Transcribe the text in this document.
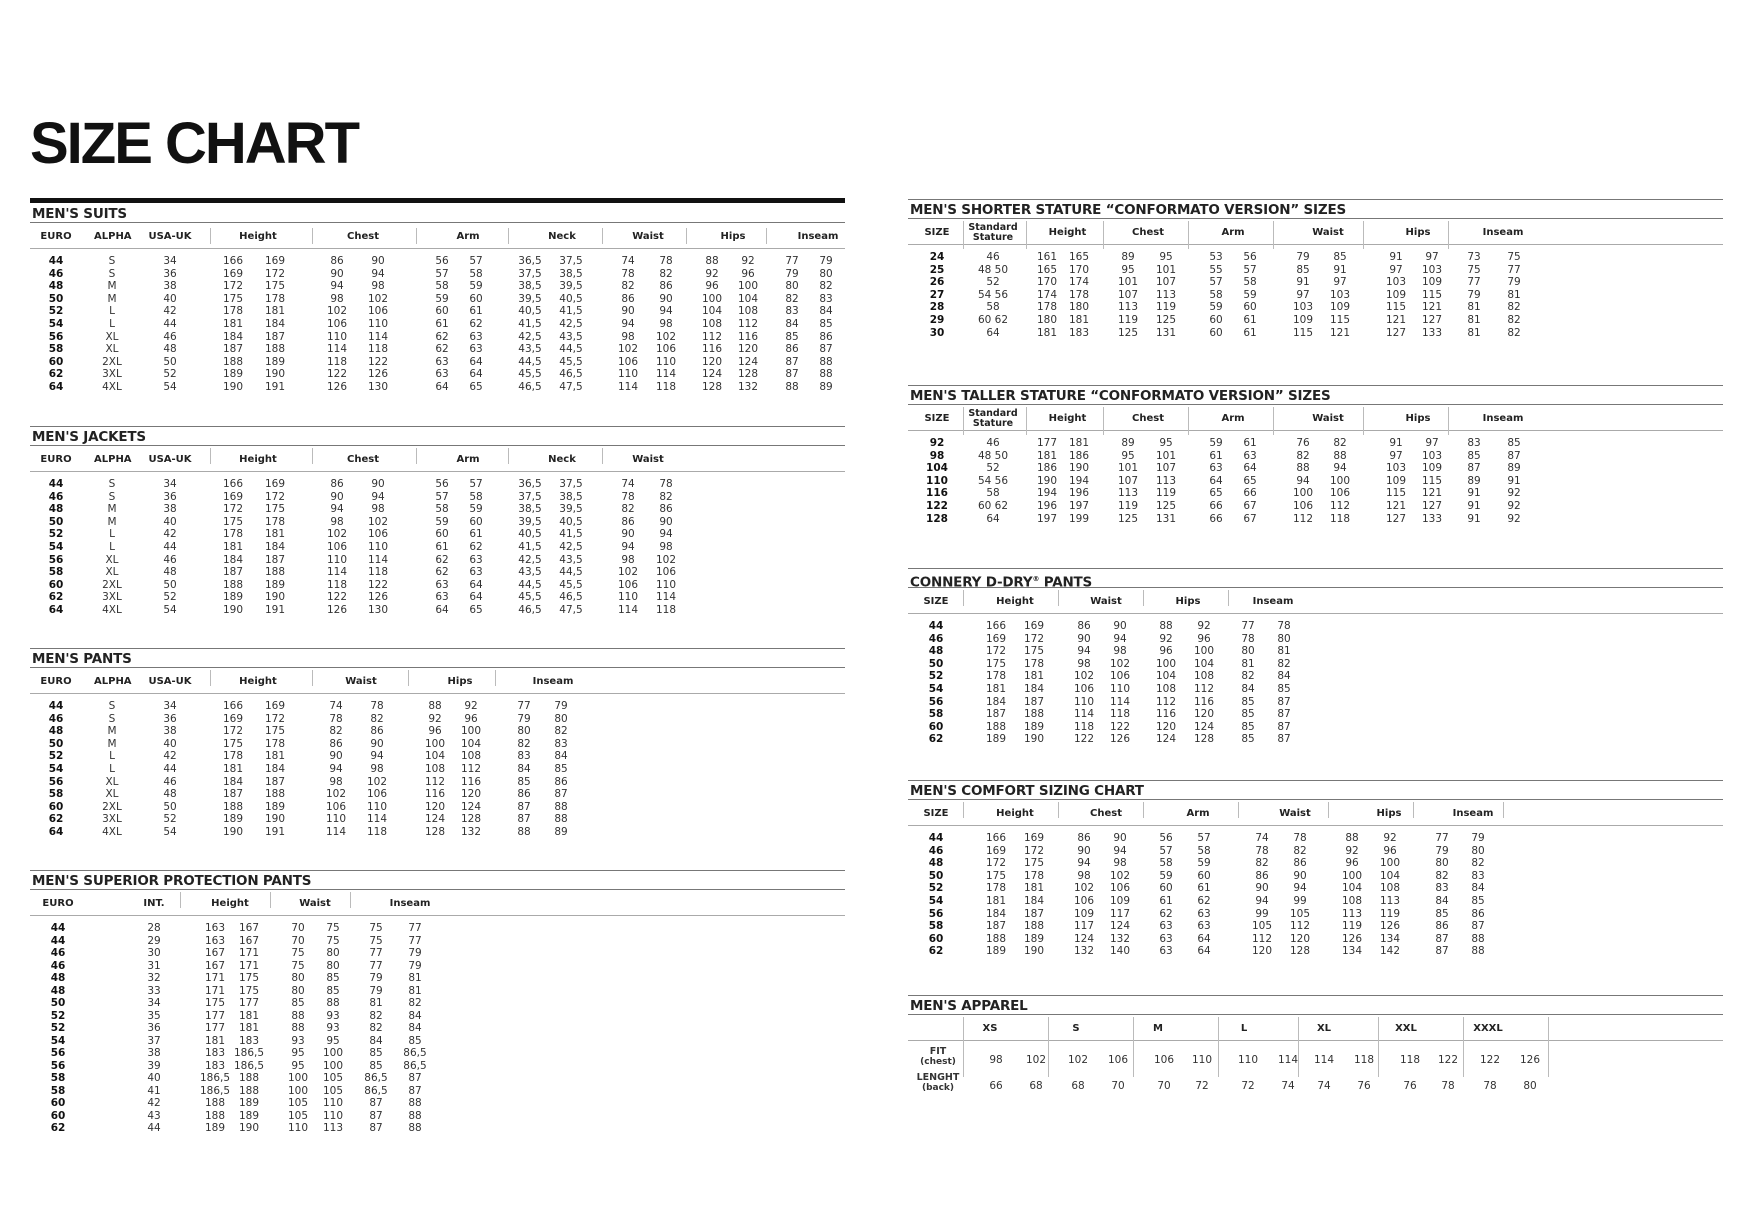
SIZE CHART
MEN'S SUITS
EURO ALPHA	USA-UK	Height	Chest	Arm	Neck	Waist	Hips	Inseam
44	S	34	166	169	86	90	56	57	36,5	37,5	74	78	88	92	77	79
46	S	36	169	172	90	94	57	58	37,5	38,5	78	82	92	96	79	80
48	M	38	172	175	94	98	58	59	38,5	39,5	82	86	96	100	80	82
50	M	40	175	178	98	102	59	60	39,5	40,5	86	90	100	104	82	83
52	L	42	178	181	102	106	60	61	40,5	41,5	90	94	104	108	83	84
54	L	44	181	184	106	110	61	62	41,5	42,5	94	98	108	112	84	85
56	XL	46	184	187	110	114	62	63	42,5	43,5	98	102	112	116	85	86
58	XL	48	187	188	114	118	62	63	43,5	44,5	102	106	116	120	86	87
60	2XL	50	188	189	118	122	63	64	44,5	45,5	106	110	120	124	87	88
62	3XL	52	189	190	122	126	63	64	45,5	46,5	110	114	124	128	87	88
64	4XL	54	190	191	126	130	64	65	46,5	47,5	114	118	128	132	88	89
MEN'S JACKETS
EURO ALPHA	USA-UK	Height	Chest	Arm	Neck	Waist
44	S	34	166	169	86	90	56	57	36,5	37,5	74	78
46	S	36	169	172	90	94	57	58	37,5	38,5	78	82
48	M	38	172	175	94	98	58	59	38,5	39,5	82	86
50	M	40	175	178	98	102	59	60	39,5	40,5	86	90
52	L	42	178	181	102	106	60	61	40,5	41,5	90	94
54	L	44	181	184	106	110	61	62	41,5	42,5	94	98
56	XL	46	184	187	110	114	62	63	42,5	43,5	98	102
58	XL	48	187	188	114	118	62	63	43,5	44,5	102	106
60	2XL	50	188	189	118	122	63	64	44,5	45,5	106	110
62	3XL	52	189	190	122	126	63	64	45,5	46,5	110	114
64	4XL	54	190	191	126	130	64	65	46,5	47,5	114	118
MEN'S PANTS
EURO ALPHA	USA-UK	Height	Waist	Hips	Inseam
44	S	34	166	169	74	78	88	92	77	79
46	S	36	169	172	78	82	92	96	79	80
48	M	38	172	175	82	86	96	100	80	82
50	M	40	175	178	86	90	100	104	82	83
52	L	42	178	181	90	94	104	108	83	84
54	L	44	181	184	94	98	108	112	84	85
56	XL	46	184	187	98	102	112	116	85	86
58	XL	48	187	188	102	106	116	120	86	87
60	2XL	50	188	189	106	110	120	124	87	88
62	3XL	52	189	190	110	114	124	128	87	88
64	4XL	54	190	191	114	118	128	132	88	89
MEN'S SUPERIOR PROTECTION PANTS
EURO	INT.	Height	Waist	Inseam
44	28	163	167	70	75	75	77
44	29	163	167	70	75	75	77
46	30	167	171	75	80	77	79
46	31	167	171	75	80	77	79
48	32	171	175	80	85	79	81
48	33	171	175	80	85	79	81
50	34	175	177	85	88	81	82
52	35	177	181	88	93	82	84
52	36	177	181	88	93	82	84
54	37	181	183	93	95	84	85
56	38	183 186,5	95	100	85	86,5
56	39	183 186,5	95	100	85	86,5
58	40	186,5 188	100	105	86,5	87
58	41	186,5 188	100	105	86,5	87
60	42	188	189	105	110	87	88
60	43	188	189	105	110	87	88
62	44	189	190	110	113	87	88
MEN'S SHORTER STATURE “CONFORMATO VERSION” SIZES
SIZE	Standard Stature	Height	Chest	Arm	Waist	Hips	Inseam
24	46	161	165	89	95	53	56	79	85	91	97	73	75
25	48 50	165	170	95	101	55	57	85	91	97	103	75	77
26	52	170	174	101	107	57	58	91	97	103	109	77	79
27	54 56	174	178	107	113	58	59	97	103	109	115	79	81
28	58	178	180	113	119	59	60	103	109	115	121	81	82
29	60 62	180	181	119	125	60	61	109	115	121	127	81	82
30	64	181	183	125	131	60	61	115	121	127	133	81	82
MEN'S TALLER STATURE “CONFORMATO VERSION” SIZES
SIZE	Standard Stature	Height	Chest	Arm	Waist	Hips	Inseam
92	46	177	181	89	95	59	61	76	82	91	97	83	85
98	48 50	181	186	95	101	61	63	82	88	97	103	85	87
104	52	186	190	101	107	63	64	88	94	103	109	87	89
110	54 56	190	194	107	113	64	65	94	100	109	115	89	91
116	58	194	196	113	119	65	66	100	106	115	121	91	92
122	60 62	196	197	119	125	66	67	106	112	121	127	91	92
128	64	197	199	125	131	66	67	112	118	127	133	91	92
CONNERY D-DRY® PANTS
SIZE	Height	Waist	Hips	Inseam
44	166	169	86	90	88	92	77	78
46	169	172	90	94	92	96	78	80
48	172	175	94	98	96	100	80	81
50	175	178	98	102	100	104	81	82
52	178	181	102	106	104	108	82	84
54	181	184	106	110	108	112	84	85
56	184	187	110	114	112	116	85	87
58	187	188	114	118	116	120	85	87
60	188	189	118	122	120	124	85	87
62	189	190	122	126	124	128	85	87
MEN'S COMFORT SIZING CHART
SIZE	Height	Chest	Arm	Waist	Hips	Inseam
44	166	169	86	90	56	57	74	78	88	92	77	79
46	169	172	90	94	57	58	78	82	92	96	79	80
48	172	175	94	98	58	59	82	86	96	100	80	82
50	175	178	98	102	59	60	86	90	100	104	82	83
52	178	181	102	106	60	61	90	94	104	108	83	84
54	181	184	106	109	61	62	94	99	108	113	84	85
56	184	187	109	117	62	63	99	105	113	119	85	86
58	187	188	117	124	63	63	105	112	119	126	86	87
60	188	189	124	132	63	64	112	120	126	134	87	88
62	189	190	132	140	63	64	120	128	134	142	87	88
MEN'S APPAREL
XS	S	M	L	XL	XXL	XXXL
FIT
(chest)	98	102	102	106	106	110	110	114	114	118	118	122	122	126
LENGHT
(back)	66	68	68	70	70	72	72	74	74	76	76	78	78	80
